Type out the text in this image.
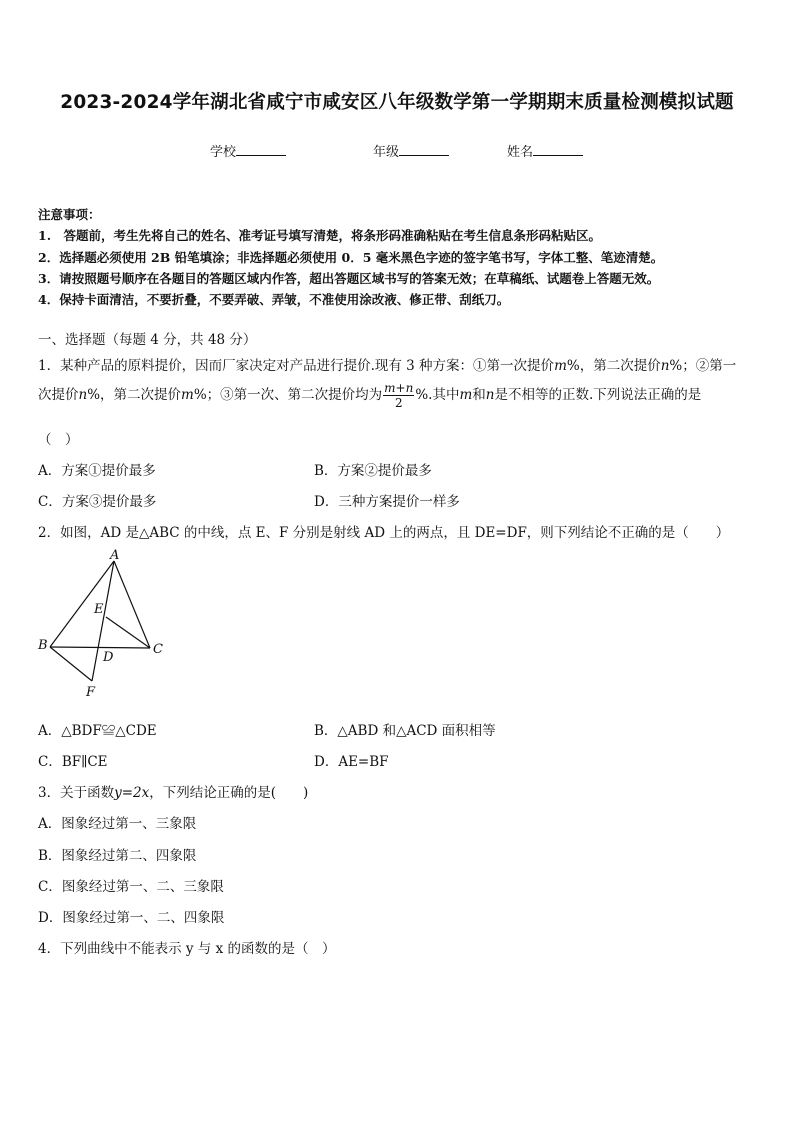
2023-2024学年湖北省咸宁市咸安区八年级数学第一学期期末质量检测模拟试题
学校	年级	姓名
注意事项：
1.　答题前，考生先将自己的姓名、准考证号填写清楚，将条形码准确粘贴在考生信息条形码粘贴区。
2．选择题必须使用 2B 铅笔填涂；非选择题必须使用 0．5 毫米黑色字迹的签字笔书写，字体工整、笔迹清楚。
3．请按照题号顺序在各题目的答题区域内作答，超出答题区域书写的答案无效；在草稿纸、试题卷上答题无效。
4．保持卡面清洁，不要折叠，不要弄破、弄皱，不准使用涂改液、修正带、刮纸刀。
一、选择题（每题 4 分，共 48 分）
1．某种产品的原料提价，因而厂家决定对产品进行提价.现有 3 种方案：①第一次提价m%，第二次提价n%；②第一
次提价n%，第二次提价m%；③第一次、第二次提价均为 $\frac{m+n}{2}$ %.其中m和n是不相等的正数.下列说法正确的是
（　）
A．方案①提价最多	B．方案②提价最多
C．方案③提价最多	D．三种方案提价一样多
2．如图，AD 是△ABC 的中线，点 E、F 分别是射线 AD 上的两点，且 DE=DF，则下列结论不正确的是（　　）
A
B	C
D
E
F
A．△BDF≌△CDE	B．△ABD 和△ACD 面积相等
C．BF∥CE	D．AE=BF
3．关于函数y=2x，下列结论正确的是(　　)
A．图象经过第一、三象限
B．图象经过第二、四象限
C．图象经过第一、二、三象限
D．图象经过第一、二、四象限
4．下列曲线中不能表示 y 与 x 的函数的是（　）
